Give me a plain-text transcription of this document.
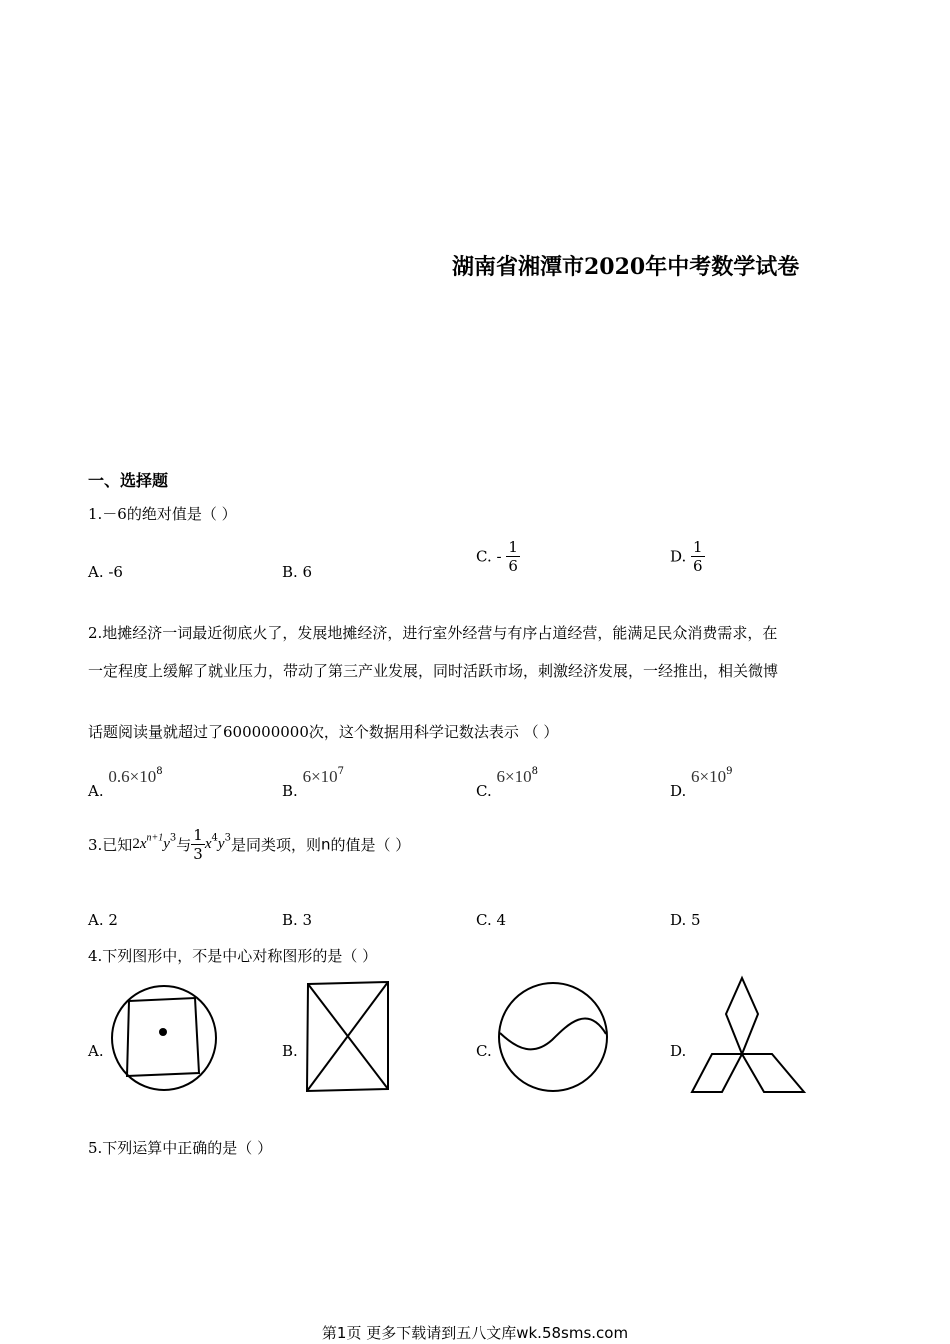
湖南省湘潭市2020年中考数学试卷
一、选择题
1.－6的绝对值是（ ）
A. -6	B. 6
C. - $\frac{1}{6}$	D. $\frac{1}{6}$
2.地摊经济一词最近彻底火了，发展地摊经济，进行室外经营与有序占道经营，能满足民众消费需求，在
一定程度上缓解了就业压力，带动了第三产业发展，同时活跃市场，刺激经济发展，一经推出，相关微博
话题阅读量就超过了600000000次，这个数据用科学记数法表示 （ ）
A. $0.6\times 10^8$
B. $6\times 10^7$
C. $6\times 10^8$
D. $6\times 10^9$
3.已知$2x^{n+1}y^3$与 $\frac{1}{3} x^4y^3$是同类项，则n的值是（ ）
A. 2	B. 3	C. 4	D. 5
4.下列图形中，不是中心对称图形的是（ ）
A.	B.	C.	D.
5.下列运算中正确的是（ ）
第1页 更多下载请到五八文库wk.58sms.com
